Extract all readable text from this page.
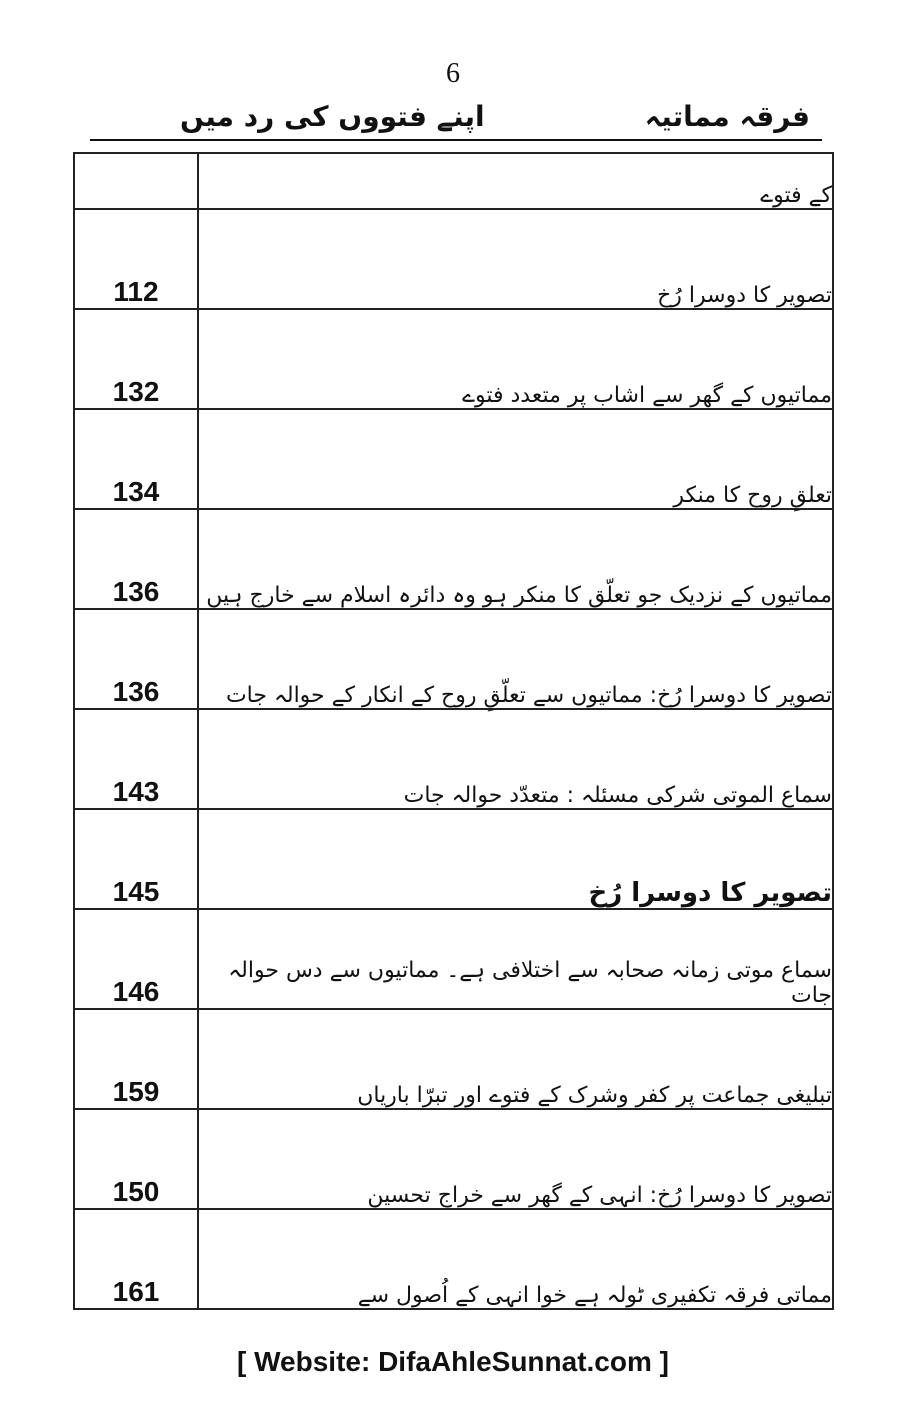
6
فرقہ مماتیہ
اپنے فتووں کی رد میں
	کے فتوے
112	تصویر کا دوسرا رُخ
132	مماتیوں کے گھر سے اشاب پر متعدد فتوے
134	تعلقِ روح کا منکر
136	مماتیوں کے نزدیک جو تعلّق کا منکر ہو وہ دائرہ اسلام سے خارج ہیں
136	تصویر کا دوسرا رُخ: مماتیوں سے تعلّقِ روح کے انکار کے حوالہ جات
143	سماع الموتی شرکی مسئلہ : متعدّد حوالہ جات
145	تصویر کا دوسرا رُخ
146	سماع موتی زمانہ صحابہ سے اختلافی ہے۔ مماتیوں سے دس حوالہ جات
159	تبلیغی جماعت پر کفر وشرک کے فتوے اور تبرّا باریاں
150	تصویر کا دوسرا رُخ: انہی کے گھر سے خراج تحسین
161	مماتی فرقہ تکفیری ٹولہ ہے خوا انہی کے اُصول سے
[ Website: DifaAhleSunnat.com ]
